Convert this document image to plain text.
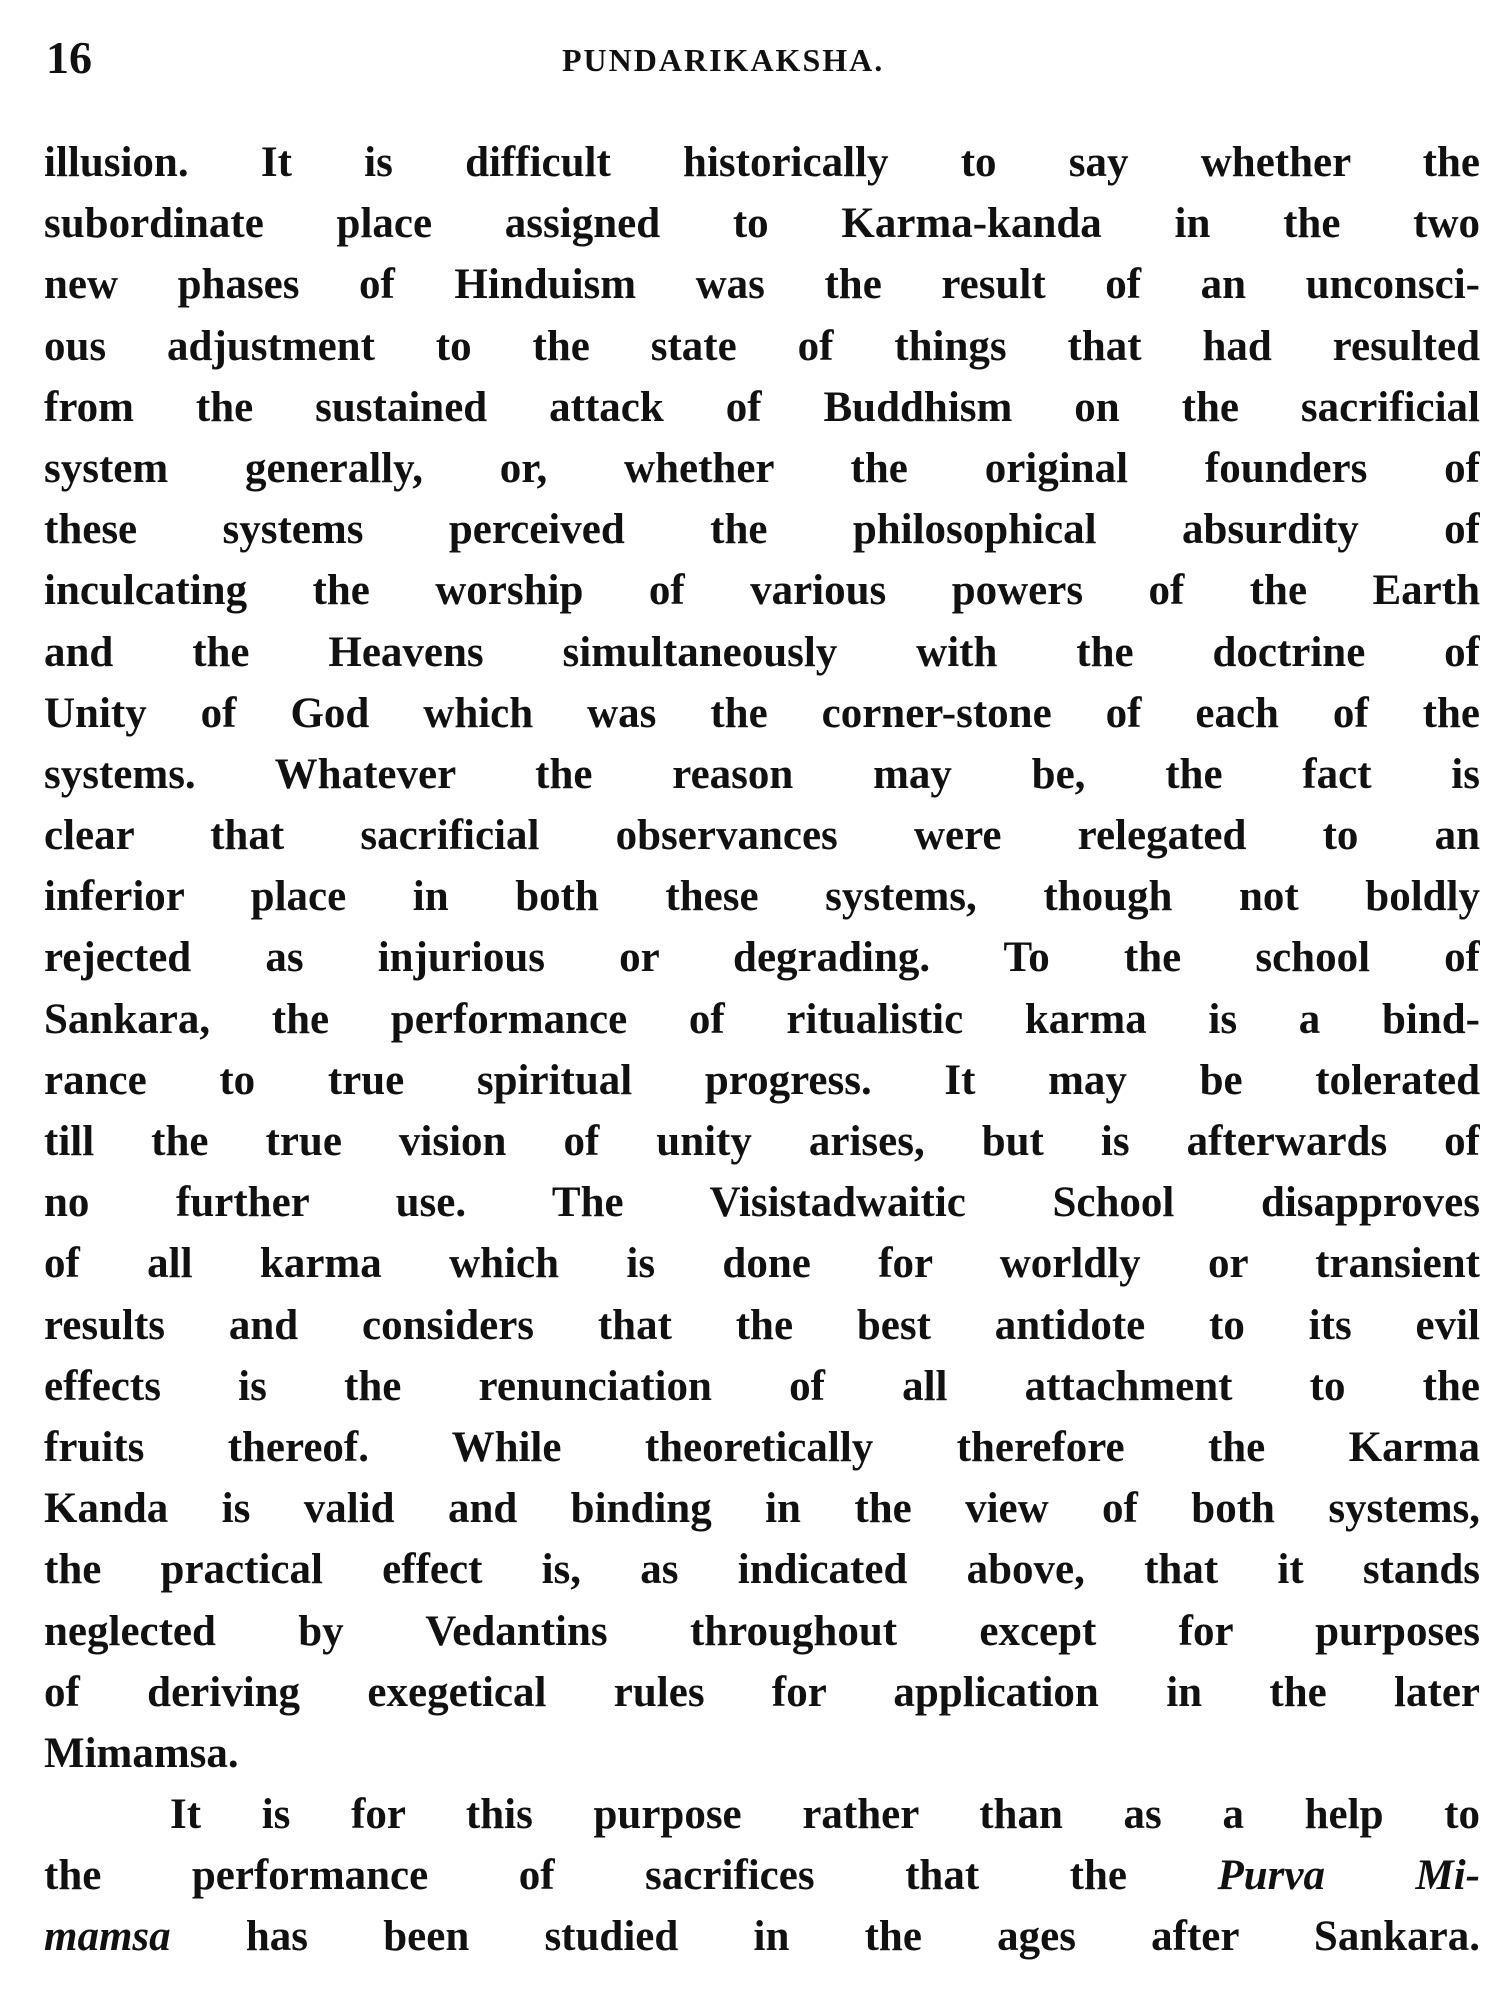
16	PUNDARIKAKSHA.
illusion. It is difficult historically to say whether the
subordinate place assigned to Karma-kanda in the two
new phases of Hinduism was the result of an unconsci-
ous adjustment to the state of things that had resulted
from the sustained attack of Buddhism on the sacrificial
system generally, or, whether the original founders of
these systems perceived the philosophical absurdity of
inculcating the worship of various powers of the Earth
and the Heavens simultaneously with the doctrine of
Unity of God which was the corner-stone of each of the
systems. Whatever the reason may be, the fact is
clear that sacrificial observances were relegated to an
inferior place in both these systems, though not boldly
rejected as injurious or degrading. To the school of
Sankara, the performance of ritualistic karma is a bind-
rance to true spiritual progress. It may be tolerated
till the true vision of unity arises, but is afterwards of
no further use. The Visistadwaitic School disapproves
of all karma which is done for worldly or transient
results and considers that the best antidote to its evil
effects is the renunciation of all attachment to the
fruits thereof. While theoretically therefore the Karma
Kanda is valid and binding in the view of both systems,
the practical effect is, as indicated above, that it stands
neglected by Vedantins throughout except for purposes
of deriving exegetical rules for application in the later
Mimamsa.
It is for this purpose rather than as a help to
the performance of sacrifices that the Purva Mi-
mamsa has been studied in the ages after Sankara.
